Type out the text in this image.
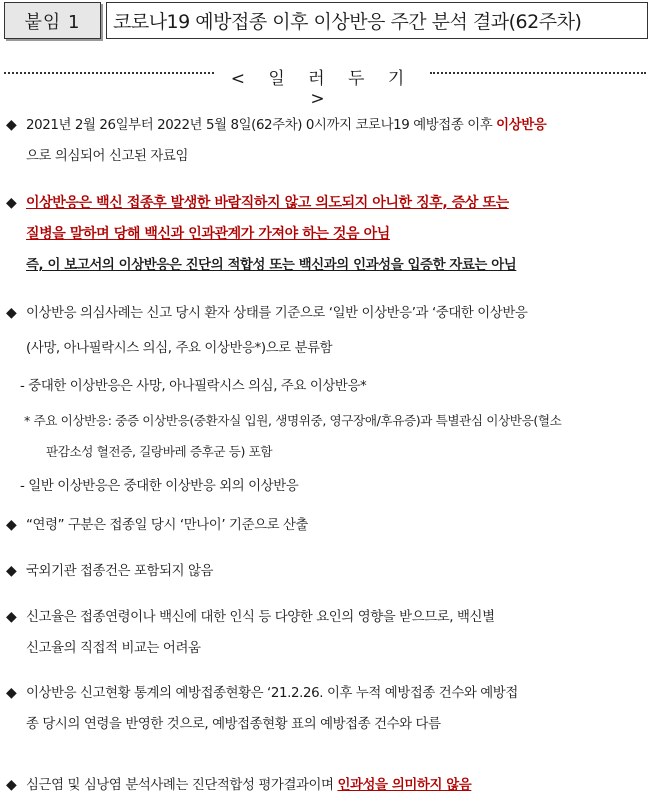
붙임 1 코로나19 예방접종 이후 이상반응 주간 분석 결과(62주차)
< 일 러 두 기 >
◆ 2021년 2월 26일부터 2022년 5월 8일(62주차) 0시까지 코로나19 예방접종 이후 이상반응
으로 의심되어 신고된 자료임
◆ 이상반응은 백신 접종후 발생한 바람직하지 않고 의도되지 아니한 징후, 증상 또는
질병을 말하며 당해 백신과 인과관계가 가져야 하는 것음 아님
즉, 이 보고서의 이상반응은 진단의 적합성 또는 백신과의 인과성을 입증한 자료는 아님
◆ 이상반응 의심사례는 신고 당시 환자 상태를 기준으로 ‘일반 이상반응’과 ‘중대한 이상반응
(사망, 아나필락시스 의심, 주요 이상반응*)으로 분류함
- 중대한 이상반응은 사망, 아나필락시스 의심, 주요 이상반응*
* 주요 이상반응: 중증 이상반응(중환자실 입원, 생명위중, 영구장애/후유증)과 특별관심 이상반응(혈소
판감소성 혈전증, 길랑바레 증후군 등) 포함
- 일반 이상반응은 중대한 이상반응 외의 이상반응
◆ “연령” 구분은 접종일 당시 ‘만나이’ 기준으로 산출
◆ 국외기관 접종건은 포함되지 않음
◆ 신고율은 접종연령이나 백신에 대한 인식 등 다양한 요인의 영향을 받으므로, 백신별
신고율의 직접적 비교는 어려움
◆ 이상반응 신고현황 통계의 예방접종현황은 ‘21.2.26. 이후 누적 예방접종 건수와 예방접
종 당시의 연령을 반영한 것으로, 예방접종현황 표의 예방접종 건수와 다름
◆ 심근염 및 심낭염 분석사례는 진단적합성 평가결과이며 인과성을 의미하지 않음
